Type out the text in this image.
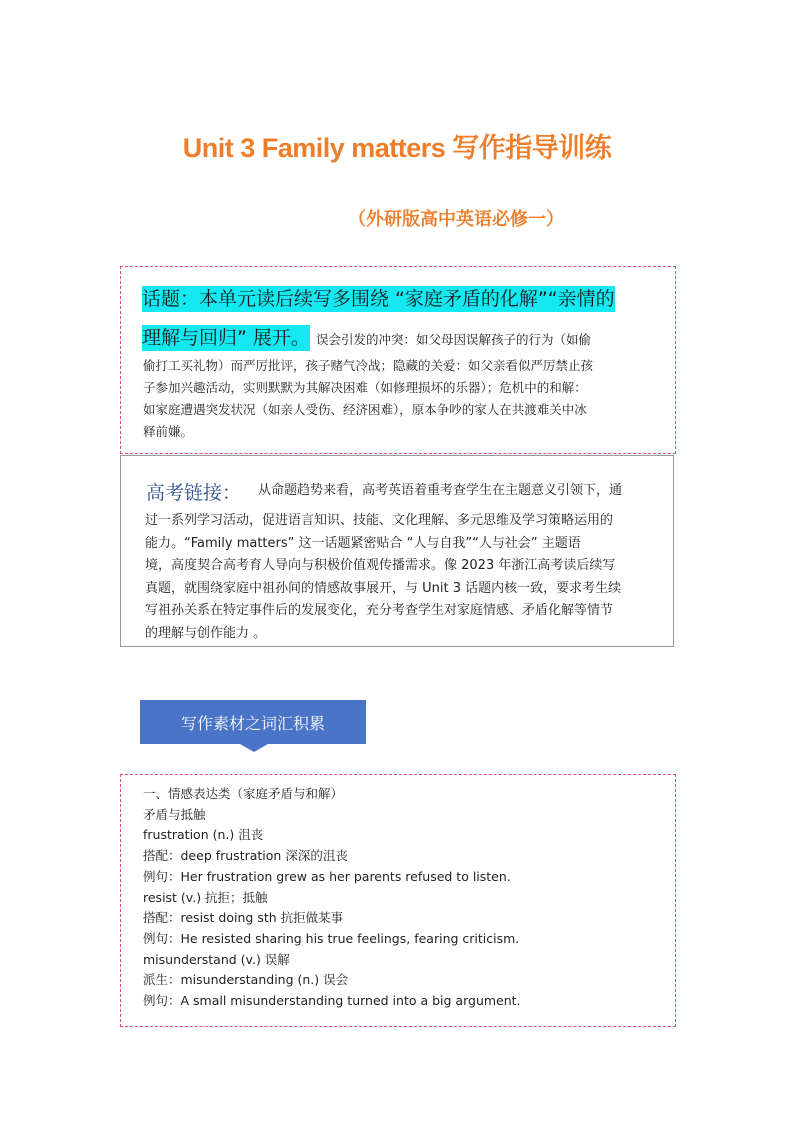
Unit 3 Family matters 写作指导训练
（外研版高中英语必修一）
话题：本单元读后续写多围绕 “家庭矛盾的化解”“亲情的
理解与回归” 展开。 误会引发的冲突：如父母因误解孩子的行为（如偷
偷打工买礼物）而严厉批评，孩子赌气冷战；隐藏的关爱：如父亲看似严厉禁止孩
子参加兴趣活动，实则默默为其解决困难（如修理损坏的乐器）；危机中的和解：
如家庭遭遇突发状况（如亲人受伤、经济困难），原本争吵的家人在共渡难关中冰
释前嫌。
高考链接： 从命题趋势来看，高考英语着重考查学生在主题意义引领下，通
过一系列学习活动，促进语言知识、技能、文化理解、多元思维及学习策略运用的
能力。“Family matters” 这一话题紧密贴合 “人与自我”“人与社会” 主题语
境，高度契合高考育人导向与积极价值观传播需求。像 2023 年浙江高考读后续写
真题，就围绕家庭中祖孙间的情感故事展开，与 Unit 3 话题内核一致，要求考生续
写祖孙关系在特定事件后的发展变化，充分考查学生对家庭情感、矛盾化解等情节
的理解与创作能力 。
写作素材之词汇积累
一、情感表达类（家庭矛盾与和解）
矛盾与抵触
frustration (n.) 沮丧
搭配：deep frustration 深深的沮丧
例句：Her frustration grew as her parents refused to listen.
resist (v.) 抗拒；抵触
搭配：resist doing sth 抗拒做某事
例句：He resisted sharing his true feelings, fearing criticism.
misunderstand (v.) 误解
派生：misunderstanding (n.) 误会
例句：A small misunderstanding turned into a big argument.
